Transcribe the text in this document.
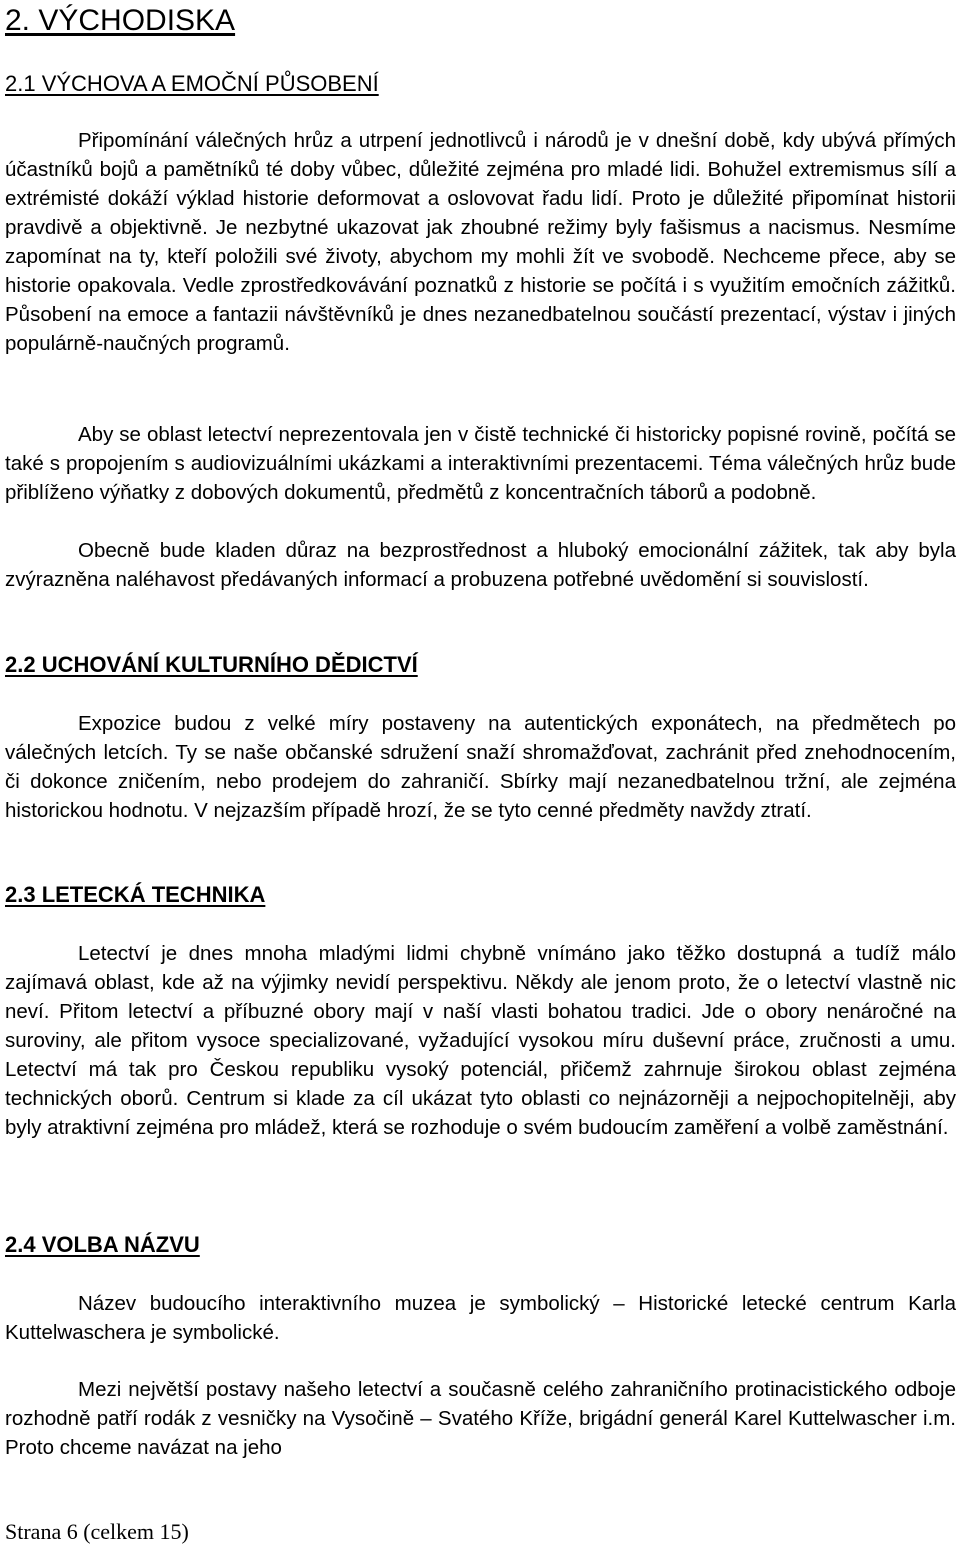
2. VÝCHODISKA
2.1 VÝCHOVA A EMOČNÍ PŮSOBENÍ

Připomínání válečných hrůz a utrpení jednotlivců i národů je v dnešní době, kdy ubývá přímých účastníků bojů a pamětníků té doby vůbec, důležité zejména pro mladé lidi. Bohužel extremismus sílí a extrémisté dokáží výklad historie deformovat a oslovovat řadu lidí. Proto je důležité připomínat historii pravdivě a objektivně. Je nezbytné ukazovat jak zhoubné režimy byly fašismus a nacismus. Nesmíme zapomínat na ty, kteří položili své životy, abychom my mohli žít ve svobodě. Nechceme přece, aby se historie opakovala. Vedle zprostředkovávání poznatků z historie se počítá i s využitím emočních zážitků. Působení na emoce a fantazii návštěvníků je dnes nezanedbatelnou součástí prezentací, výstav i jiných populárně-naučných programů.

Aby se oblast letectví neprezentovala jen v čistě technické či historicky popisné rovině, počítá se také s propojením s audiovizuálními ukázkami a interaktivními prezentacemi. Téma válečných hrůz bude přiblíženo výňatky z dobových dokumentů, předmětů z koncentračních táborů a podobně.

Obecně bude kladen důraz na bezprostřednost a hluboký emocionální zážitek, tak aby byla zvýrazněna naléhavost předávaných informací a probuzena potřebné uvědomění si souvislostí.

2.2 UCHOVÁNÍ KULTURNÍHO DĚDICTVÍ

Expozice budou z velké míry postaveny na autentických exponátech, na předmětech po válečných letcích. Ty se naše občanské sdružení snaží shromažďovat, zachránit před znehodnocením, či dokonce zničením, nebo prodejem do zahraničí. Sbírky mají nezanedbatelnou tržní, ale zejména historickou hodnotu. V nejzazším případě hrozí, že se tyto cenné předměty navždy ztratí.

2.3 LETECKÁ TECHNIKA

Letectví je dnes mnoha mladými lidmi chybně vnímáno jako těžko dostupná a tudíž málo zajímavá oblast, kde až na výjimky nevidí perspektivu. Někdy ale jenom proto, že o letectví vlastně nic neví. Přitom letectví a příbuzné obory mají v naší vlasti bohatou tradici. Jde o obory nenáročné na suroviny, ale přitom vysoce specializované, vyžadující vysokou míru duševní práce, zručnosti a umu. Letectví má tak pro Českou republiku vysoký potenciál, přičemž zahrnuje širokou oblast zejména technických oborů. Centrum si klade za cíl ukázat tyto oblasti co nejnázorněji a nejpochopitelněji, aby byly atraktivní zejména pro mládež, která se rozhoduje o svém budoucím zaměření a volbě zaměstnání.

2.4 VOLBA NÁZVU

Název budoucího interaktivního muzea je symbolický – Historické letecké centrum Karla Kuttelwaschera je symbolické.

Mezi největší postavy našeho letectví a současně celého zahraničního protinacistického odboje rozhodně patří rodák z vesničky na Vysočině – Svatého Kříže, brigádní generál Karel Kuttelwascher i.m. Proto chceme navázat na jeho

Strana 6 (celkem 15)
